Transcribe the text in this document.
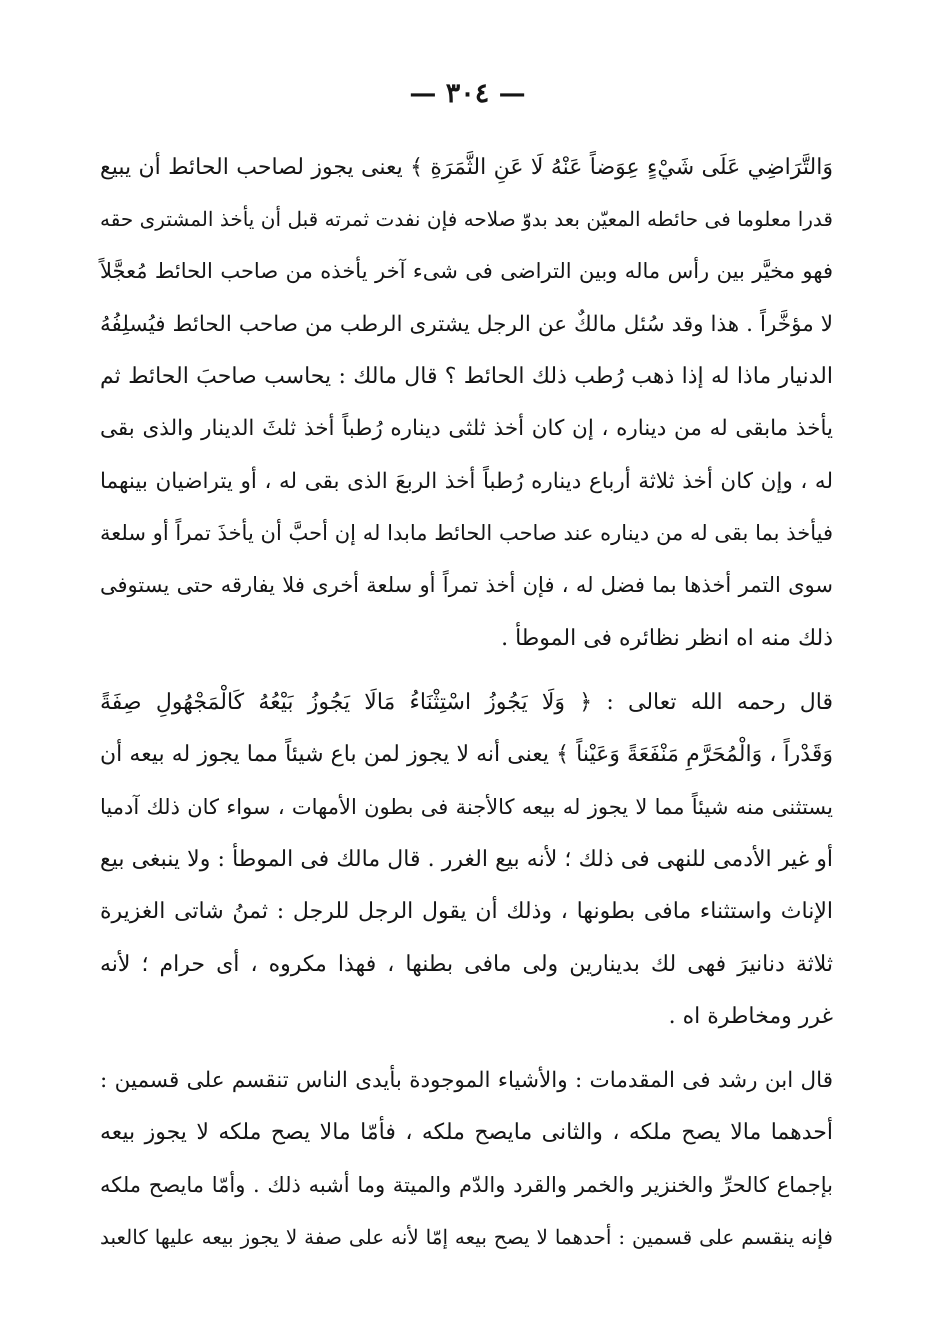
— ٣٠٤ —
وَالتَّرَاضِي عَلَى شَيْءٍ عِوَضاً عَنْهُ لَا عَنِ الثَّمَرَةِ ﴾ يعنى يجوز لصاحب الحائط أن يبيع
قدرا معلوما فى حائطه المعيّن بعد بدوّ صلاحه فإن نفدت ثمرته قبل أن يأخذ المشترى حقه
فهو مخيَّر بين رأس ماله وبين التراضى فى شىء آخر يأخذه من صاحب الحائط مُعجَّلاً
لا مؤخَّراً . هذا وقد سُئل مالكٌ عن الرجل يشترى الرطب من صاحب الحائط فيُسلِفُهُ
الدنيار ماذا له إذا ذهب رُطب ذلك الحائط ؟ قال مالك : يحاسب صاحبَ الحائط ثم
يأخذ مابقى له من ديناره ، إن كان أخذ ثلثى ديناره رُطباً أخذ ثلثَ الدينار والذى بقى
له ، وإن كان أخذ ثلاثة أرباع ديناره رُطباً أخذ الربعَ الذى بقى له ، أو يتراضيان بينهما
فيأخذ بما بقى له من ديناره عند صاحب الحائط مابدا له إن أحبَّ أن يأخذَ تمراً أو سلعة
سوى التمر أخذها بما فضل له ، فإن أخذ تمراً أو سلعة أخرى فلا يفارقه حتى يستوفى
ذلك منه اه انظر نظائره فى الموطأ .
قال رحمه الله تعالى : ﴿ وَلَا يَجُوزُ اسْتِثْنَاءُ مَالَا يَجُوزُ بَيْعُهُ كَالْمَجْهُولِ صِفَةً
وَقَدْراً ، وَالْمُحَرَّمِ مَنْفَعَةً وَعَيْناً ﴾ يعنى أنه لا يجوز لمن باع شيئاً مما يجوز له بيعه أن
يستثنى منه شيئاً مما لا يجوز له بيعه كالأجنة فى بطون الأمهات ، سواء كان ذلك آدميا
أو غير الأدمى للنهى فى ذلك ؛ لأنه بيع الغرر . قال مالك فى الموطأ : ولا ينبغى بيع
الإناث واستثناء مافى بطونها ، وذلك أن يقول الرجل للرجل : ثمنُ شاتى الغزيرة
ثلاثة دنانيرَ فهى لك بدينارين ولى مافى بطنها ، فهذا مكروه ، أى حرام ؛ لأنه
غرر ومخاطرة اه .
قال ابن رشد فى المقدمات : والأشياء الموجودة بأيدى الناس تنقسم على قسمين :
أحدهما مالا يصح ملكه ، والثانى مايصح ملكه ، فأمّا مالا يصح ملكه لا يجوز بيعه
بإجماع كالحرِّ والخنزير والخمر والقرد والدّم والميتة وما أشبه ذلك . وأمّا مايصح ملكه
فإنه ينقسم على قسمين : أحدهما لا يصح بيعه إمّا لأنه على صفة لا يجوز بيعه عليها كالعبد
